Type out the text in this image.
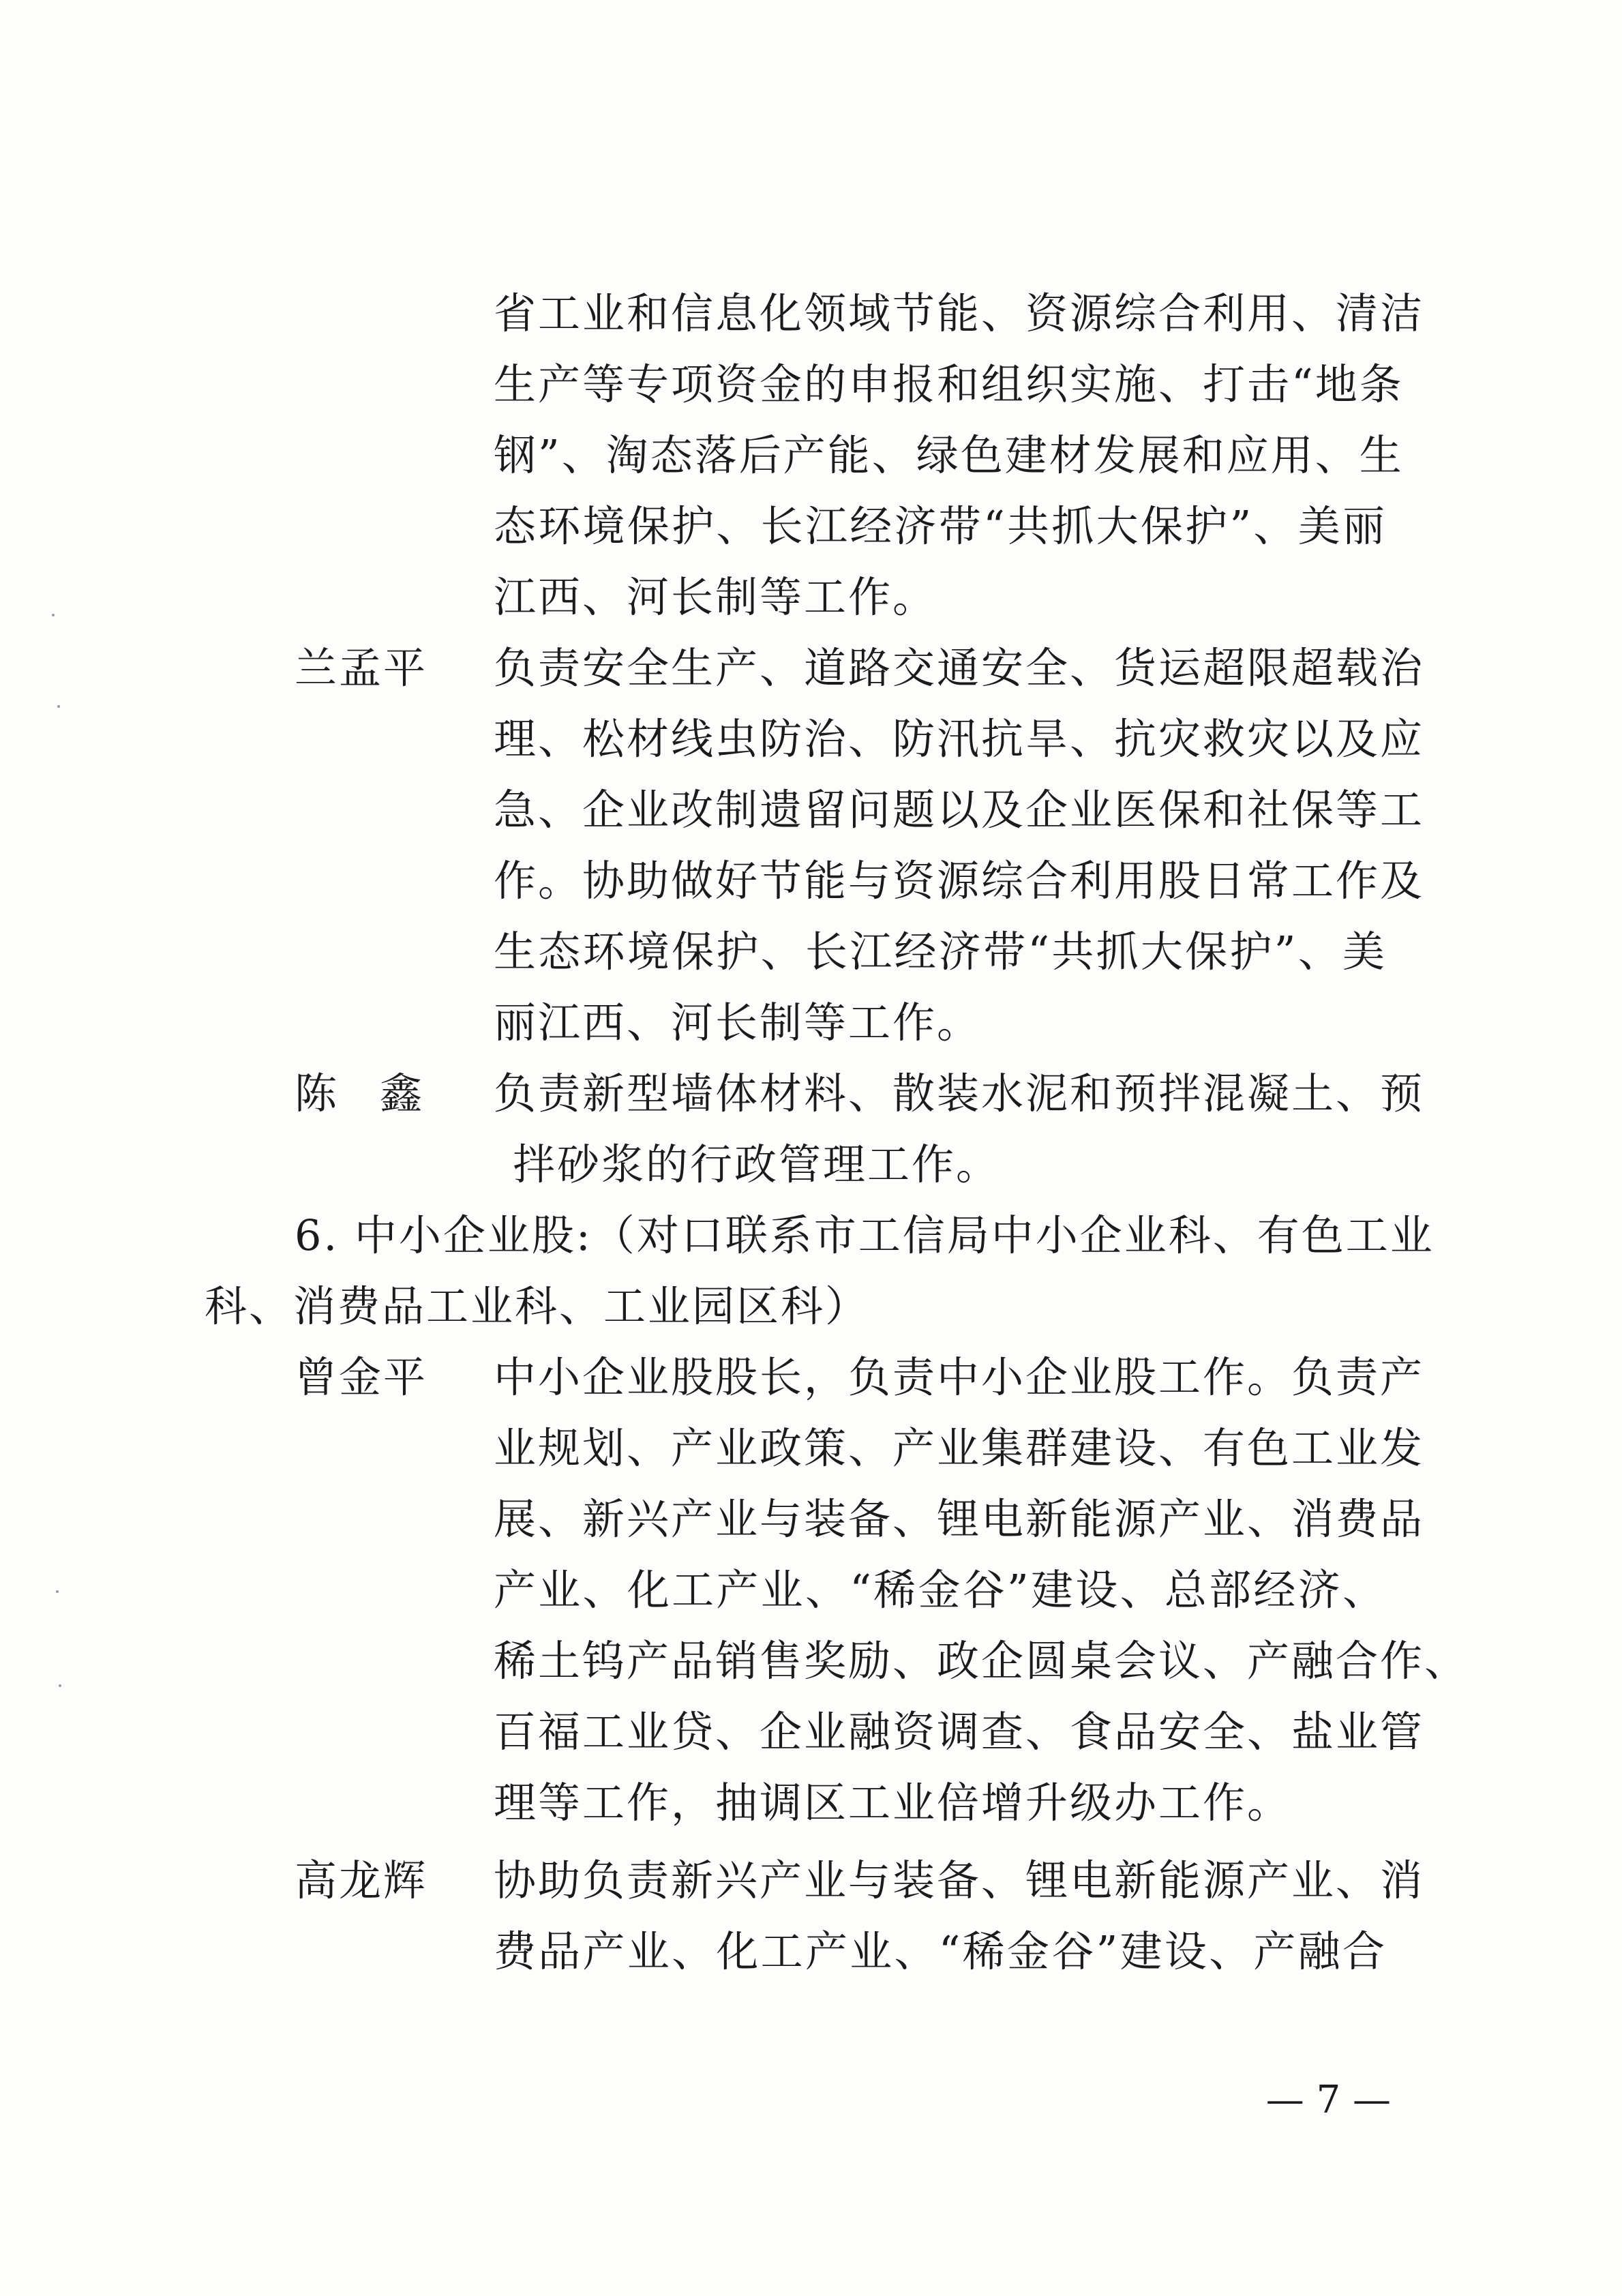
省工业和信息化领域节能、资源综合利用、清洁
生产等专项资金的申报和组织实施、打击“地条
钢”、淘态落后产能、绿色建材发展和应用、生
态环境保护、长江经济带“共抓大保护”、美丽
江西、河长制等工作。
兰孟平 负责安全生产、道路交通安全、货运超限超载治
理、松材线虫防治、防汛抗旱、抗灾救灾以及应
急、企业改制遗留问题以及企业医保和社保等工
作。协助做好节能与资源综合利用股日常工作及
生态环境保护、长江经济带“共抓大保护”、美
丽江西、河长制等工作。
陈鑫 负责新型墙体材料、散装水泥和预拌混凝土、预
拌砂浆的行政管理工作。
6. 中小企业股:（对口联系市工信局中小企业科、有色工业
科、消费品工业科、工业园区科）
曾金平 中小企业股股长，负责中小企业股工作。负责产
业规划、产业政策、产业集群建设、有色工业发
展、新兴产业与装备、锂电新能源产业、消费品
产业、化工产业、“稀金谷”建设、总部经济、
稀土钨产品销售奖励、政企圆桌会议、产融合作、
百福工业贷、企业融资调查、食品安全、盐业管
理等工作，抽调区工业倍增升级办工作。
高龙辉 协助负责新兴产业与装备、锂电新能源产业、消
费品产业、化工产业、“稀金谷”建设、产融合
— 7 —
